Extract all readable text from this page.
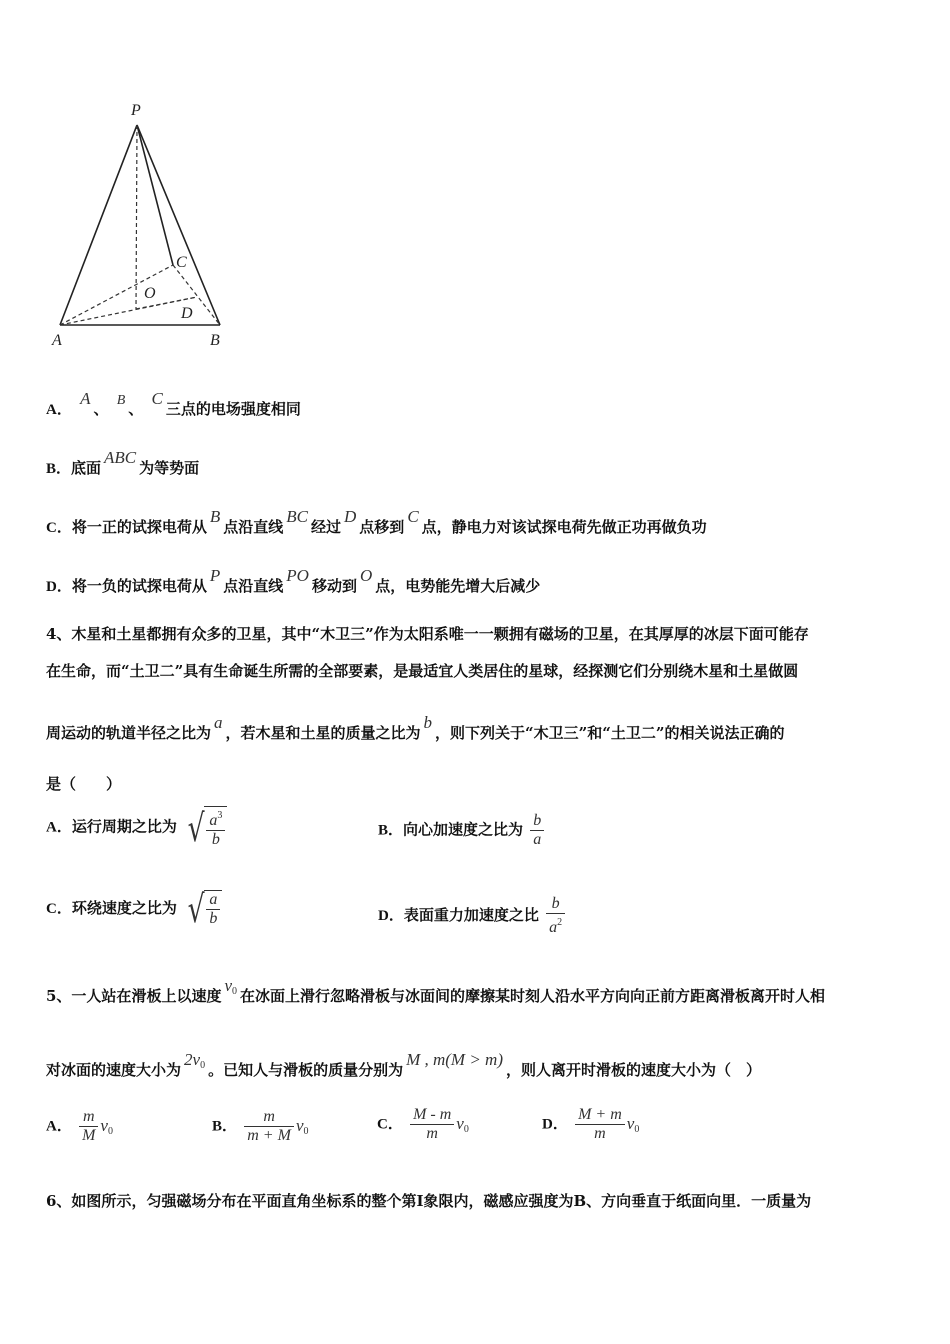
P
A	B
C
O
D
A． A、 B 、 C三点的电场强度相同
B．底面ABC为等势面
C．将一正的试探电荷从B点沿直线BC经过D点移到C点，静电力对该试探电荷先做正功再做负功
D．将一负的试探电荷从P点沿直线PO移动到O点，电势能先增大后减少
4、木星和土星都拥有众多的卫星，其中“木卫三”作为太阳系唯一一颗拥有磁场的卫星，在其厚厚的冰层下面可能存
在生命，而“土卫二”具有生命诞生所需的全部要素，是最适宜人类居住的星球，经探测它们分别绕木星和土星做圆
周运动的轨道半径之比为a，若木星和土星的质量之比为b，则下列关于“木卫三”和“土卫二”的相关说法正确的
是（　　）
A．运行周期之比为 √ $\frac{a^3}{b}$	B．向心加速度之比为 $\frac{b}{a}$
C．环绕速度之比为 √ $\frac{a}{b}$	D．表面重力加速度之比 $\frac{b}{a^2}$
5、一人站在滑板上以速度$v_0$ 在冰面上滑行忽略滑板与冰面间的摩擦某时刻人沿水平方向向正前方距离滑板离开时人相
对冰面的速度大小为$2v_0$ 。已知人与滑板的质量分别为M , m(M > m)，则人离开时滑板的速度大小为（　）
A． $\frac{m}{M} v_0$	B． $\frac{m}{m + M} v_0$	C． $\frac{M - m}{m} v_0$	D． $\frac{M + m}{m} v_0$
6、如图所示，匀强磁场分布在平面直角坐标系的整个第Ⅰ象限内，磁感应强度为B、方向垂直于纸面向里．一质量为
